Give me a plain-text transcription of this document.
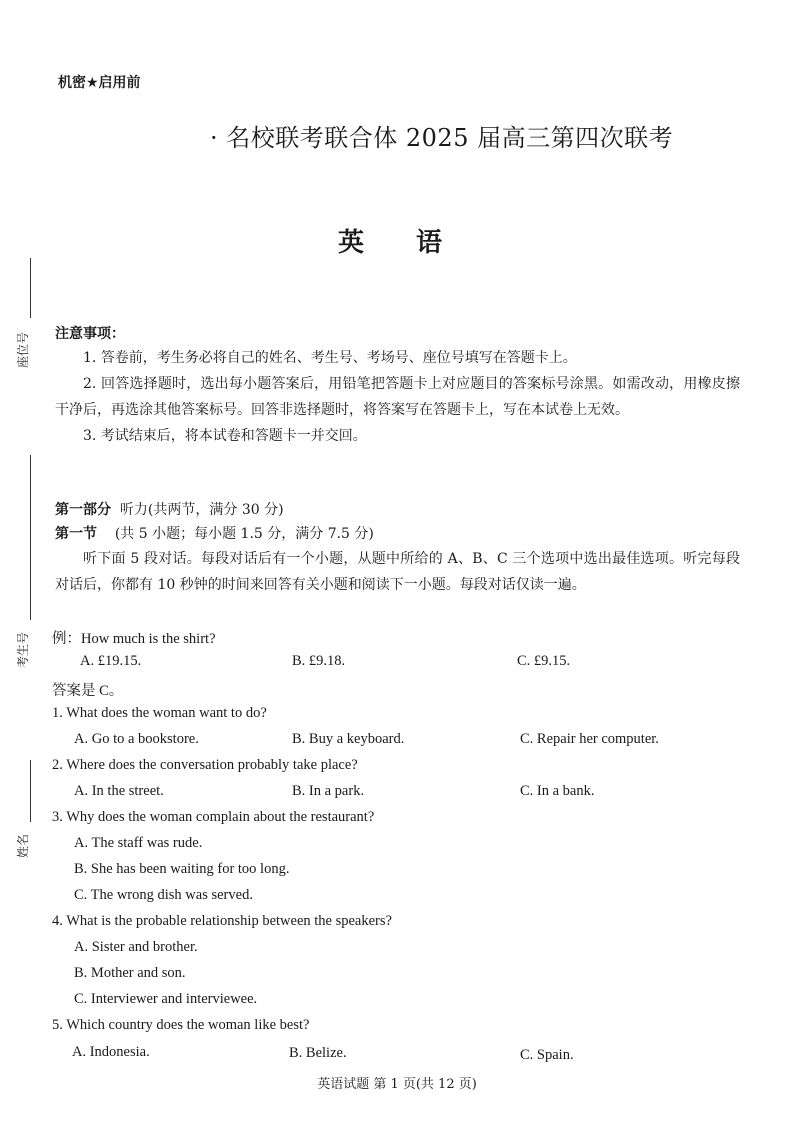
座位号
考生号
姓名
机密★启用前
· 名校联考联合体 2025 届高三第四次联考
英语
注意事项：

1. 答卷前，考生务必将自己的姓名、考生号、考场号、座位号填写在答题卡上。

2. 回答选择题时，选出每小题答案后，用铅笔把答题卡上对应题目的答案标号涂黑。如需改动，用橡皮擦干净后，再选涂其他答案标号。回答非选择题时，将答案写在答题卡上，写在本试卷上无效。

3. 考试结束后，将本试卷和答题卡一并交回。

第一部分 听力(共两节，满分 30 分)
第一节 (共 5 小题；每小题 1.5 分，满分 7.5 分)

听下面 5 段对话。每段对话后有一个小题，从题中所给的 A、B、C 三个选项中选出最佳选项。听完每段对话后，你都有 10 秒钟的时间来回答有关小题和阅读下一小题。每段对话仅读一遍。

例：How much is the shirt?
A. £19.15.	B. £9.18.	C. £9.15.
答案是 C。
1. What does the woman want to do?
A. Go to a bookstore.	B. Buy a keyboard.	C. Repair her computer.
2. Where does the conversation probably take place?
A. In the street.	B. In a park.	C. In a bank.
3. Why does the woman complain about the restaurant?
A. The staff was rude.
B. She has been waiting for too long.
C. The wrong dish was served.
4. What is the probable relationship between the speakers?
A. Sister and brother.
B. Mother and son.
C. Interviewer and interviewee.
5. Which country does the woman like best?
A. Indonesia.	B. Belize.	C. Spain.
英语试题 第 1 页(共 12 页)
